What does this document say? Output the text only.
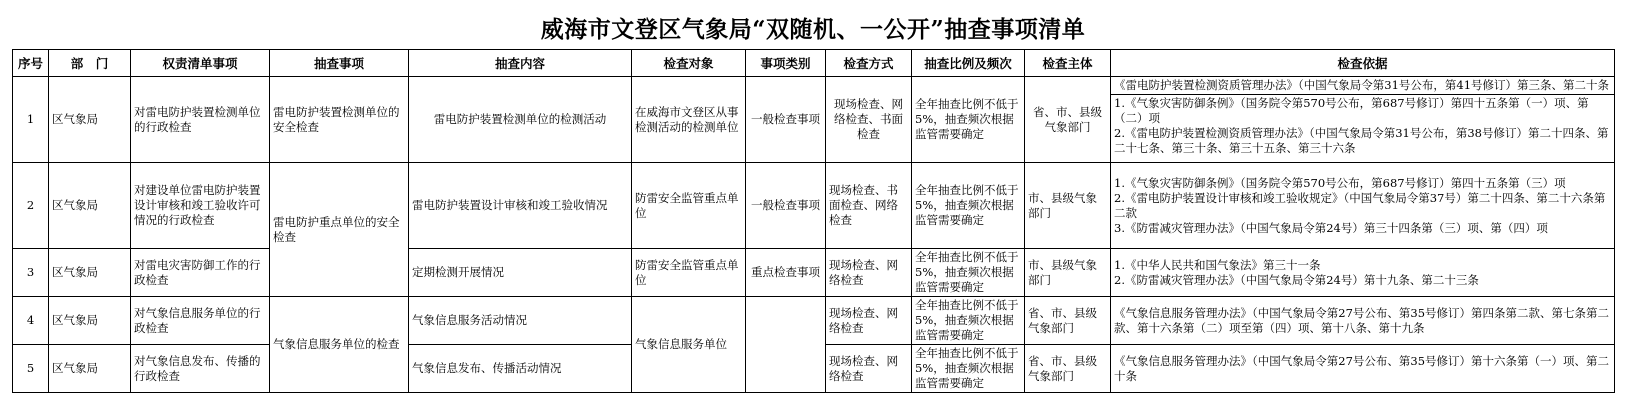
威海市文登区气象局“双随机、一公开”抽查事项清单
序号	部　门	权责清单事项	抽查事项	抽查内容	检查对象	事项类别	检查方式	抽查比例及频次	检查主体	检查依据
1	区气象局	对雷电防护装置检测单位的行政检查	雷电防护装置检测单位的安全检查	雷电防护装置检测单位的检测活动	在威海市文登区从事检测活动的检测单位	一般检查事项	现场检查、网络检查、书面检查	全年抽查比例不低于5%，抽查频次根据监管需要确定	省、市、县级气象部门	《雷电防护装置检测资质管理办法》（中国气象局令第31号公布，第41号修订）第三条、第二十条
1.《气象灾害防御条例》（国务院令第570号公布，第687号修订）第四十五条第（一）项、第（二）项
2.《雷电防护装置检测资质管理办法》（中国气象局令第31号公布，第38号修订）第二十四条、第二十七条、第三十条、第三十五条、第三十六条

2	区气象局	对建设单位雷电防护装置设计审核和竣工验收许可情况的行政检查	雷电防护重点单位的安全检查	雷电防护装置设计审核和竣工验收情况	防雷安全监管重点单位	一般检查事项	现场检查、书面检查、网络检查	全年抽查比例不低于5%，抽查频次根据监管需要确定	市、县级气象部门	1.《气象灾害防御条例》（国务院令第570号公布，第687号修订）第四十五条第（三）项
2.《雷电防护装置设计审核和竣工验收规定》（中国气象局令第37号）第二十四条、第二十六条第二款
3.《防雷减灾管理办法》（中国气象局令第24号）第三十四条第（三）项、第（四）项
3	区气象局	对雷电灾害防御工作的行政检查		定期检测开展情况	防雷安全监管重点单位	重点检查事项	现场检查、网络检查	全年抽查比例不低于5%，抽查频次根据监管需要确定	市、县级气象部门	1.《中华人民共和国气象法》第三十一条
2.《防雷减灾管理办法》（中国气象局令第24号）第十九条、第二十三条
4	区气象局	对气象信息服务单位的行政检查	气象信息服务单位的检查	气象信息服务活动情况	气象信息服务单位		现场检查、网络检查	全年抽查比例不低于5%，抽查频次根据监管需要确定	省、市、县级气象部门	《气象信息服务管理办法》（中国气象局令第27号公布、第35号修订）第四条第二款、第七条第二款、第十六条第（二）项至第（四）项、第十八条、第十九条
5	区气象局	对气象信息发布、传播的行政检查		气象信息发布、传播活动情况			现场检查、网络检查	全年抽查比例不低于5%，抽查频次根据监管需要确定	省、市、县级气象部门	《气象信息服务管理办法》（中国气象局令第27号公布、第35号修订）第十六条第（一）项、第二十条
